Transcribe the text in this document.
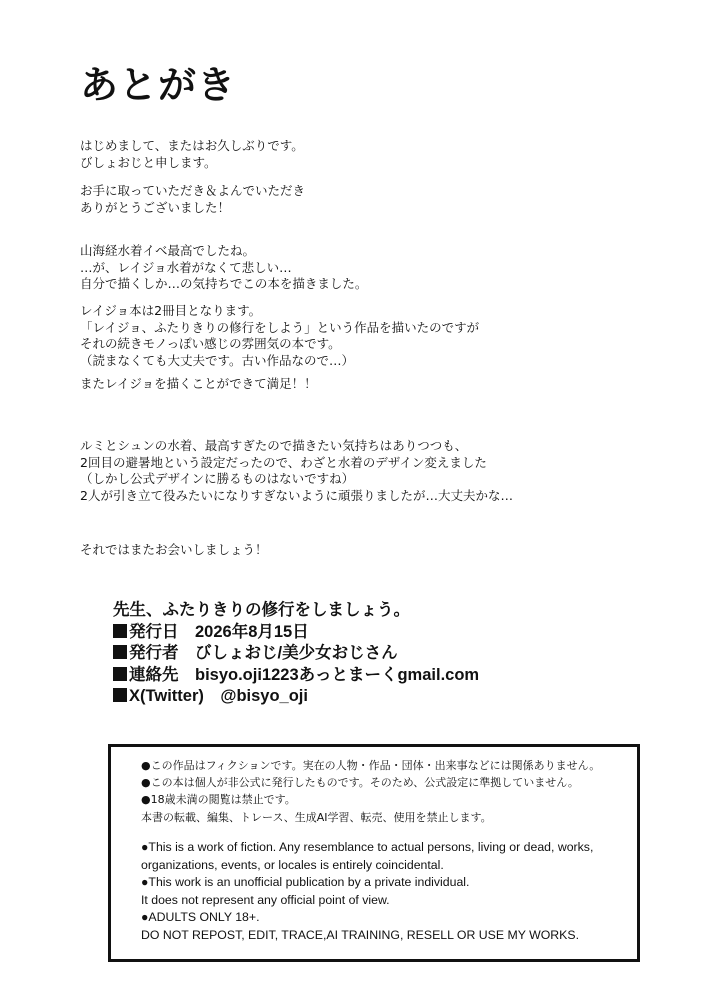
あとがき
はじめまして、またはお久しぶりです。
びしょおじと申します。
お手に取っていただき＆よんでいただき
ありがとうございました！
山海経水着イベ最高でしたね。
…が、レイジョ水着がなくて悲しい…
自分で描くしか…の気持ちでこの本を描きました。
レイジョ本は2冊目となります。
「レイジョ、ふたりきりの修行をしよう」という作品を描いたのですが
それの続きモノっぽい感じの雰囲気の本です。
（読まなくても大丈夫です。古い作品なので…）
またレイジョを描くことができて満足！！
ルミとシュンの水着、最高すぎたので描きたい気持ちはありつつも、
2回目の避暑地という設定だったので、わざと水着のデザイン変えました
（しかし公式デザインに勝るものはないですね）
2人が引き立て役みたいになりすぎないように頑張りましたが…大丈夫かな…
それではまたお会いしましょう！
先生、ふたりきりの修行をしましょう。
発行日　2026年8月15日
発行者　びしょおじ/美少女おじさん
連絡先　bisyo.oji1223あっとまーくgmail.com
X(Twitter)　@bisyo_oji
●この作品はフィクションです。実在の人物・作品・団体・出来事などには関係ありません。
●この本は個人が非公式に発行したものです。そのため、公式設定に準拠していません。
●18歳未満の閲覧は禁止です。
本書の転載、編集、トレース、生成AI学習、転売、使用を禁止します。
●This is a work of fiction. Any resemblance to actual persons, living or dead, works,
organizations, events, or locales is entirely coincidental.
●This work is an unofficial publication by a private individual.
It does not represent any official point of view.
●ADULTS ONLY 18+.
DO NOT REPOST, EDIT, TRACE,AI TRAINING, RESELL OR USE MY WORKS.
